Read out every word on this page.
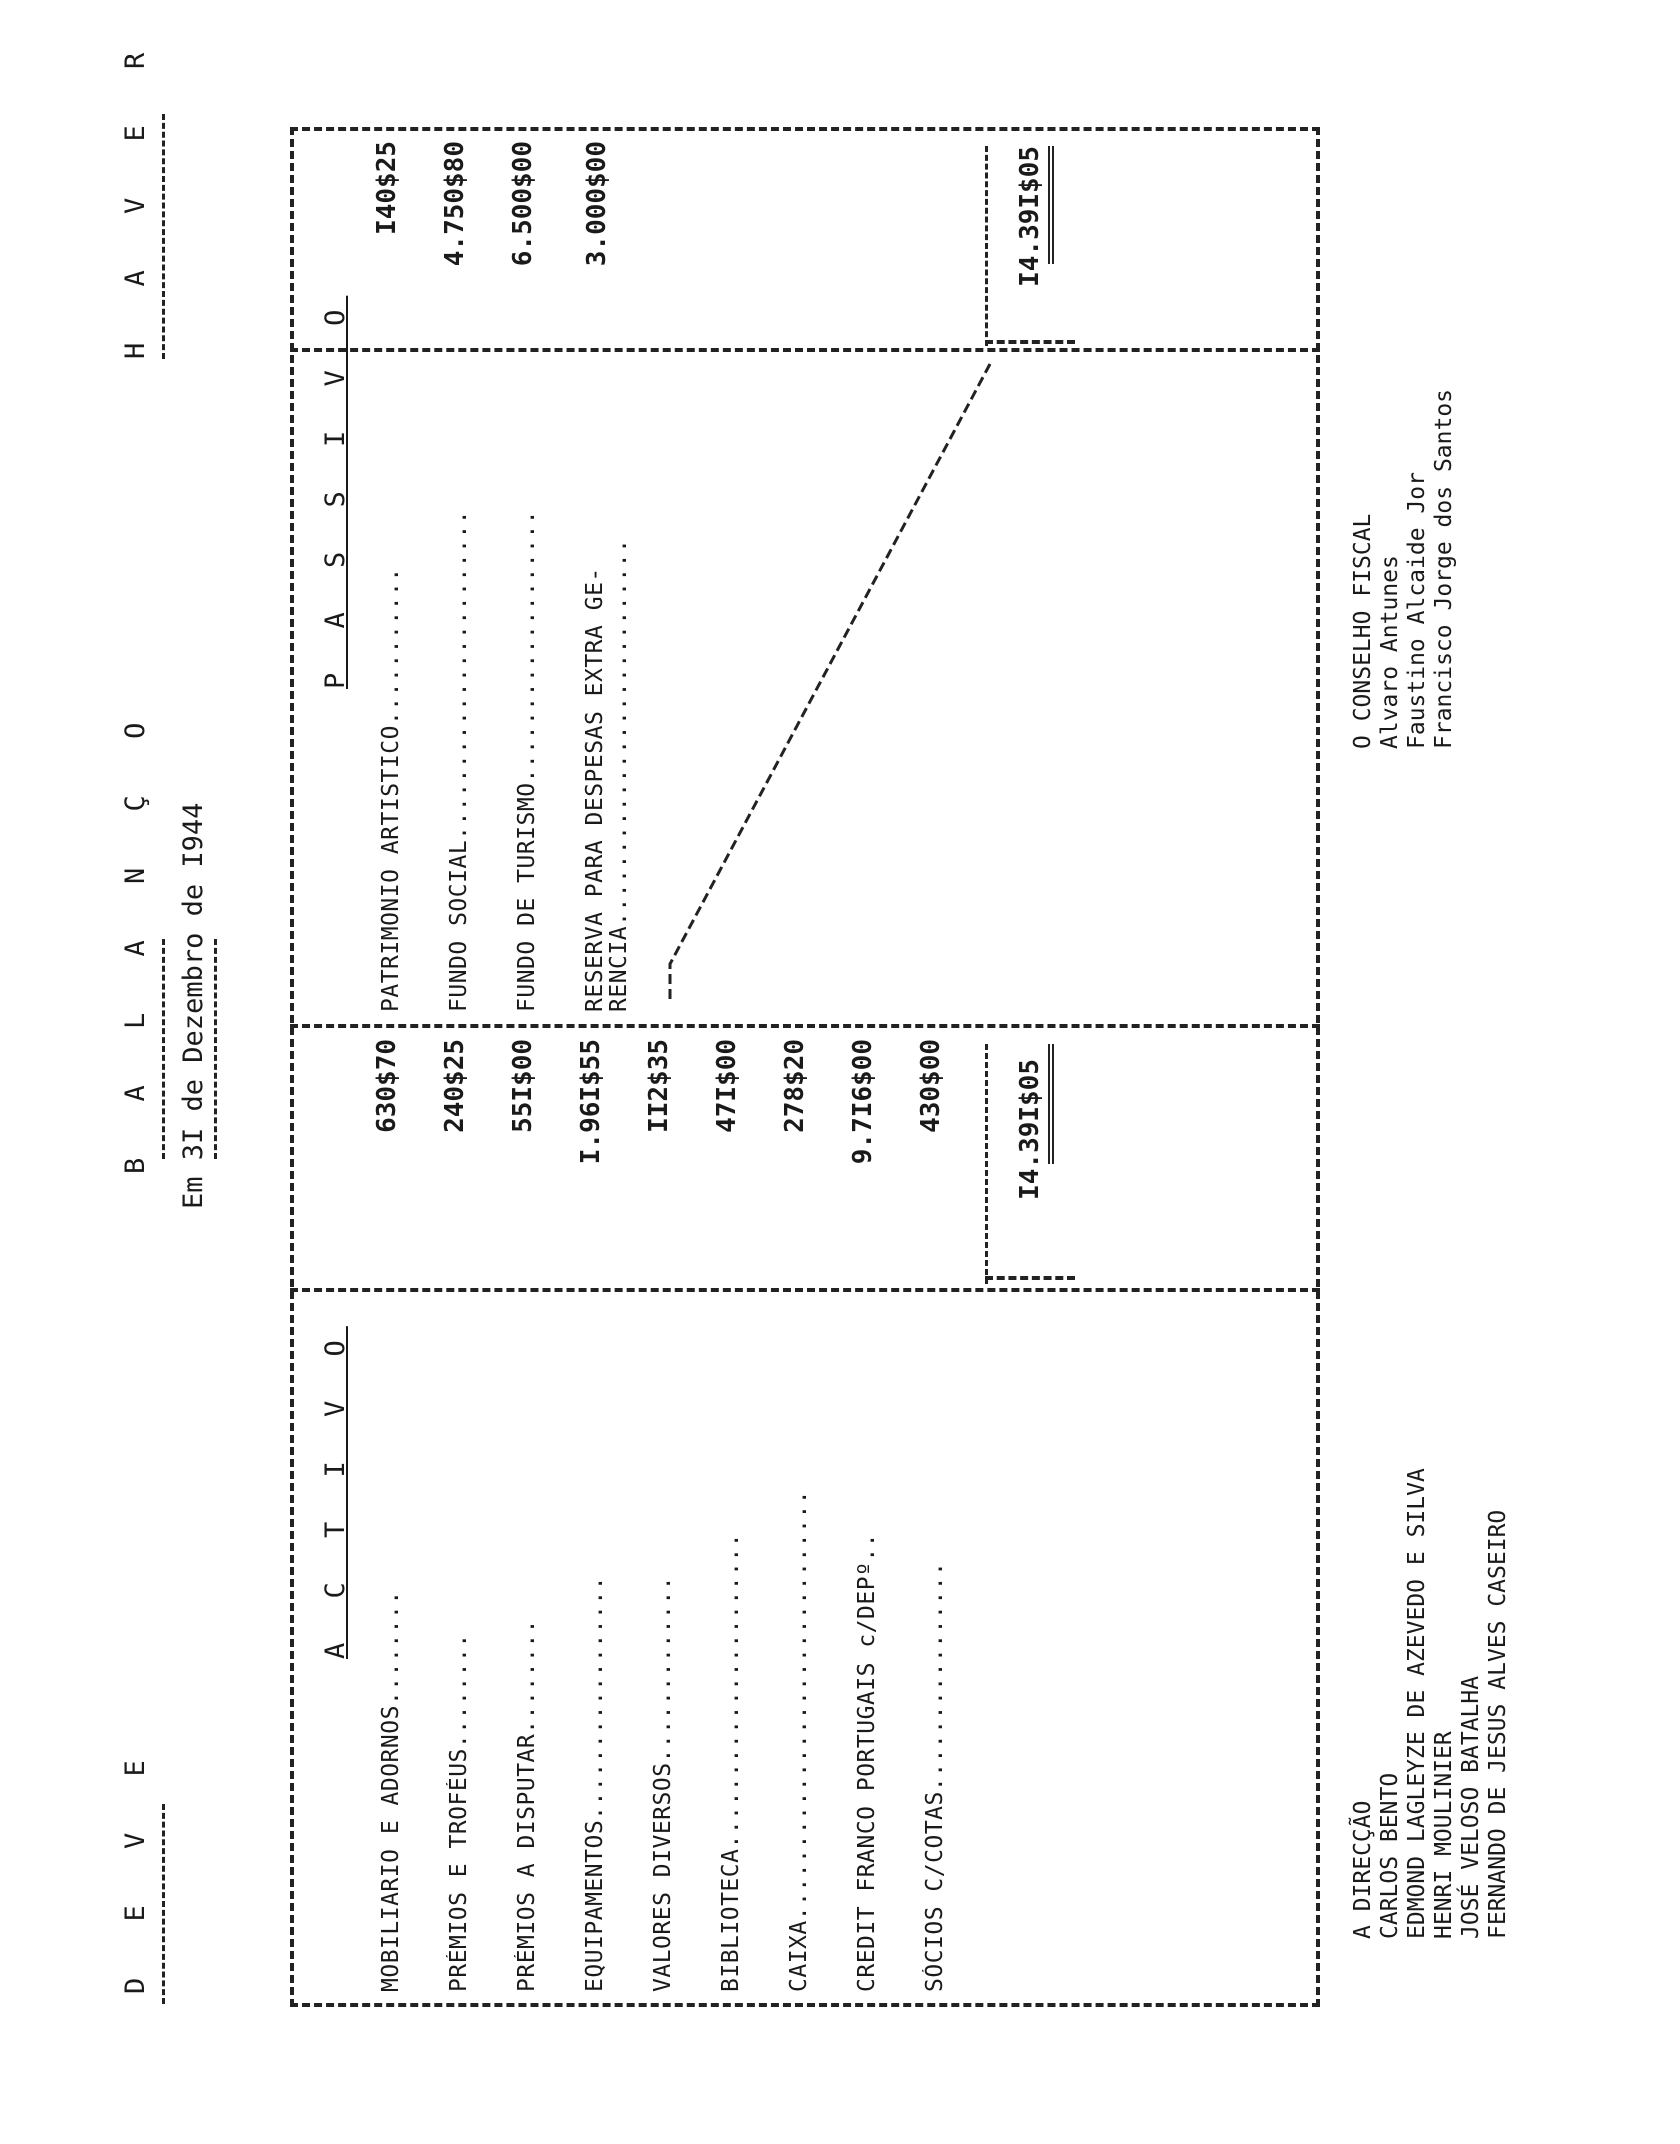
D E V E
B A L A N Ç O Em 3I de Dezembro de I944
H A V E R
A C T I V O
MOBILIARIO E ADORNOS........
630$70
PRÉMIOS E TROFÉUS........
240$25
PRÉMIOS A DISPUTAR........
55I$00
EQUIPAMENTOS.................
I.96I$55
VALORES DIVERSOS.............
II2$35
BIBLIOTECA......................
47I$00
CAIXA..............................
278$20
CREDIT FRANCO PORTUGAIS c/DEPº..
9.7I6$00
SÓCIOS C/COTAS................
430$00	I4.39I$05
P A S S I V O
PATRIMONIO ARTISTICO...........
I40$25
FUNDO SOCIAL.......................
4.750$80
FUNDO DE TURISMO...................
6.500$00
RESERVA PARA DESPESAS EXTRA GE-
RENCIA...........................
3.000$00	I4.39I$05
A DIRECÇÃO CARLOS BENTO EDMOND LAGLEYZE DE AZEVEDO E SILVA HENRI MOULINIER JOSÉ VELOSO BATALHA FERNANDO DE JESUS ALVES CASEIRO
O CONSELHO FISCAL Alvaro Antunes Faustino Alcaide Jor Francisco Jorge dos Santos
